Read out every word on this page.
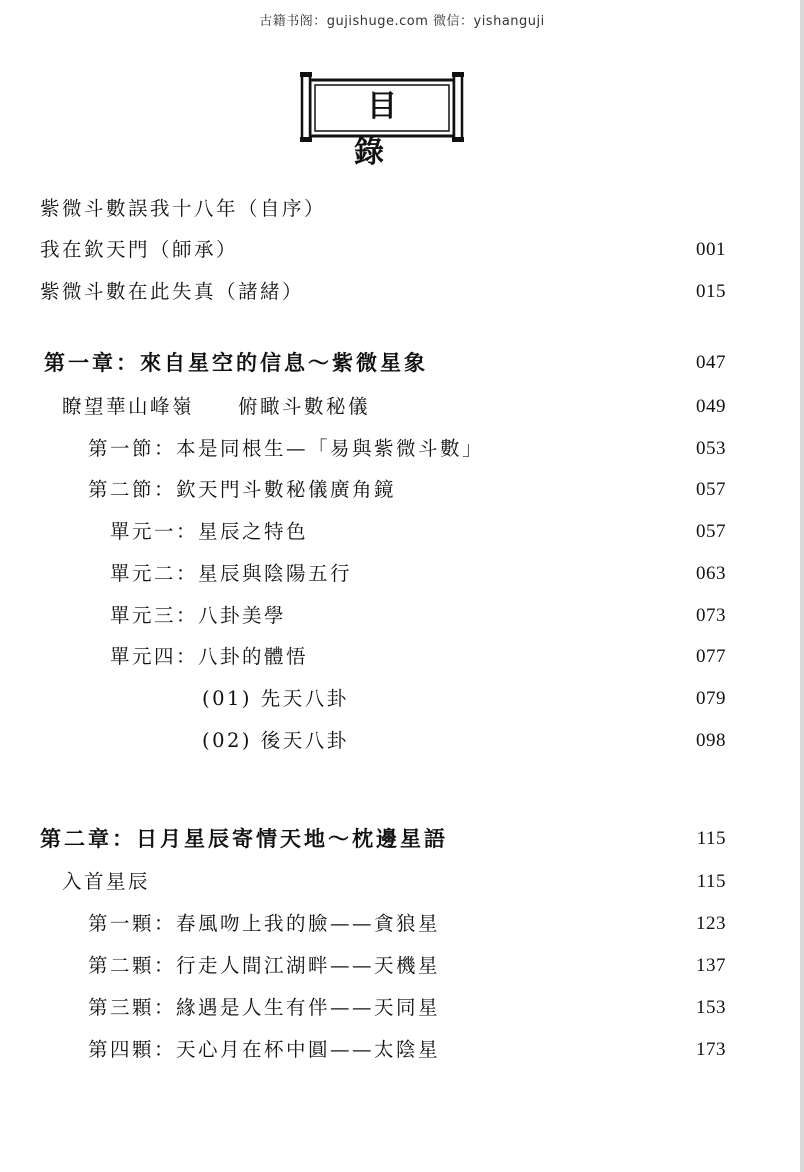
古籍书阁：gujishuge.com 微信：yishanguji
目 錄
紫微斗數誤我十八年（自序）
我在欽天門（師承）	001
紫微斗數在此失真（諸緒）	015
第一章：來自星空的信息～紫微星象	047
瞭望華山峰嶺　　俯瞰斗數秘儀	049
第一節：本是同根生—「易與紫微斗數」	053
第二節：欽天門斗數秘儀廣角鏡	057
單元一：星辰之特色	057
單元二：星辰與陰陽五行	063
單元三：八卦美學	073
單元四：八卦的體悟	077
(01) 先天八卦	079
(02) 後天八卦	098
第二章：日月星辰寄情天地～枕邊星語	115
入首星辰	115
第一顆：春風吻上我的臉——貪狼星	123
第二顆：行走人間江湖畔——天機星	137
第三顆：緣遇是人生有伴——天同星	153
第四顆：天心月在杯中圓——太陰星	173
